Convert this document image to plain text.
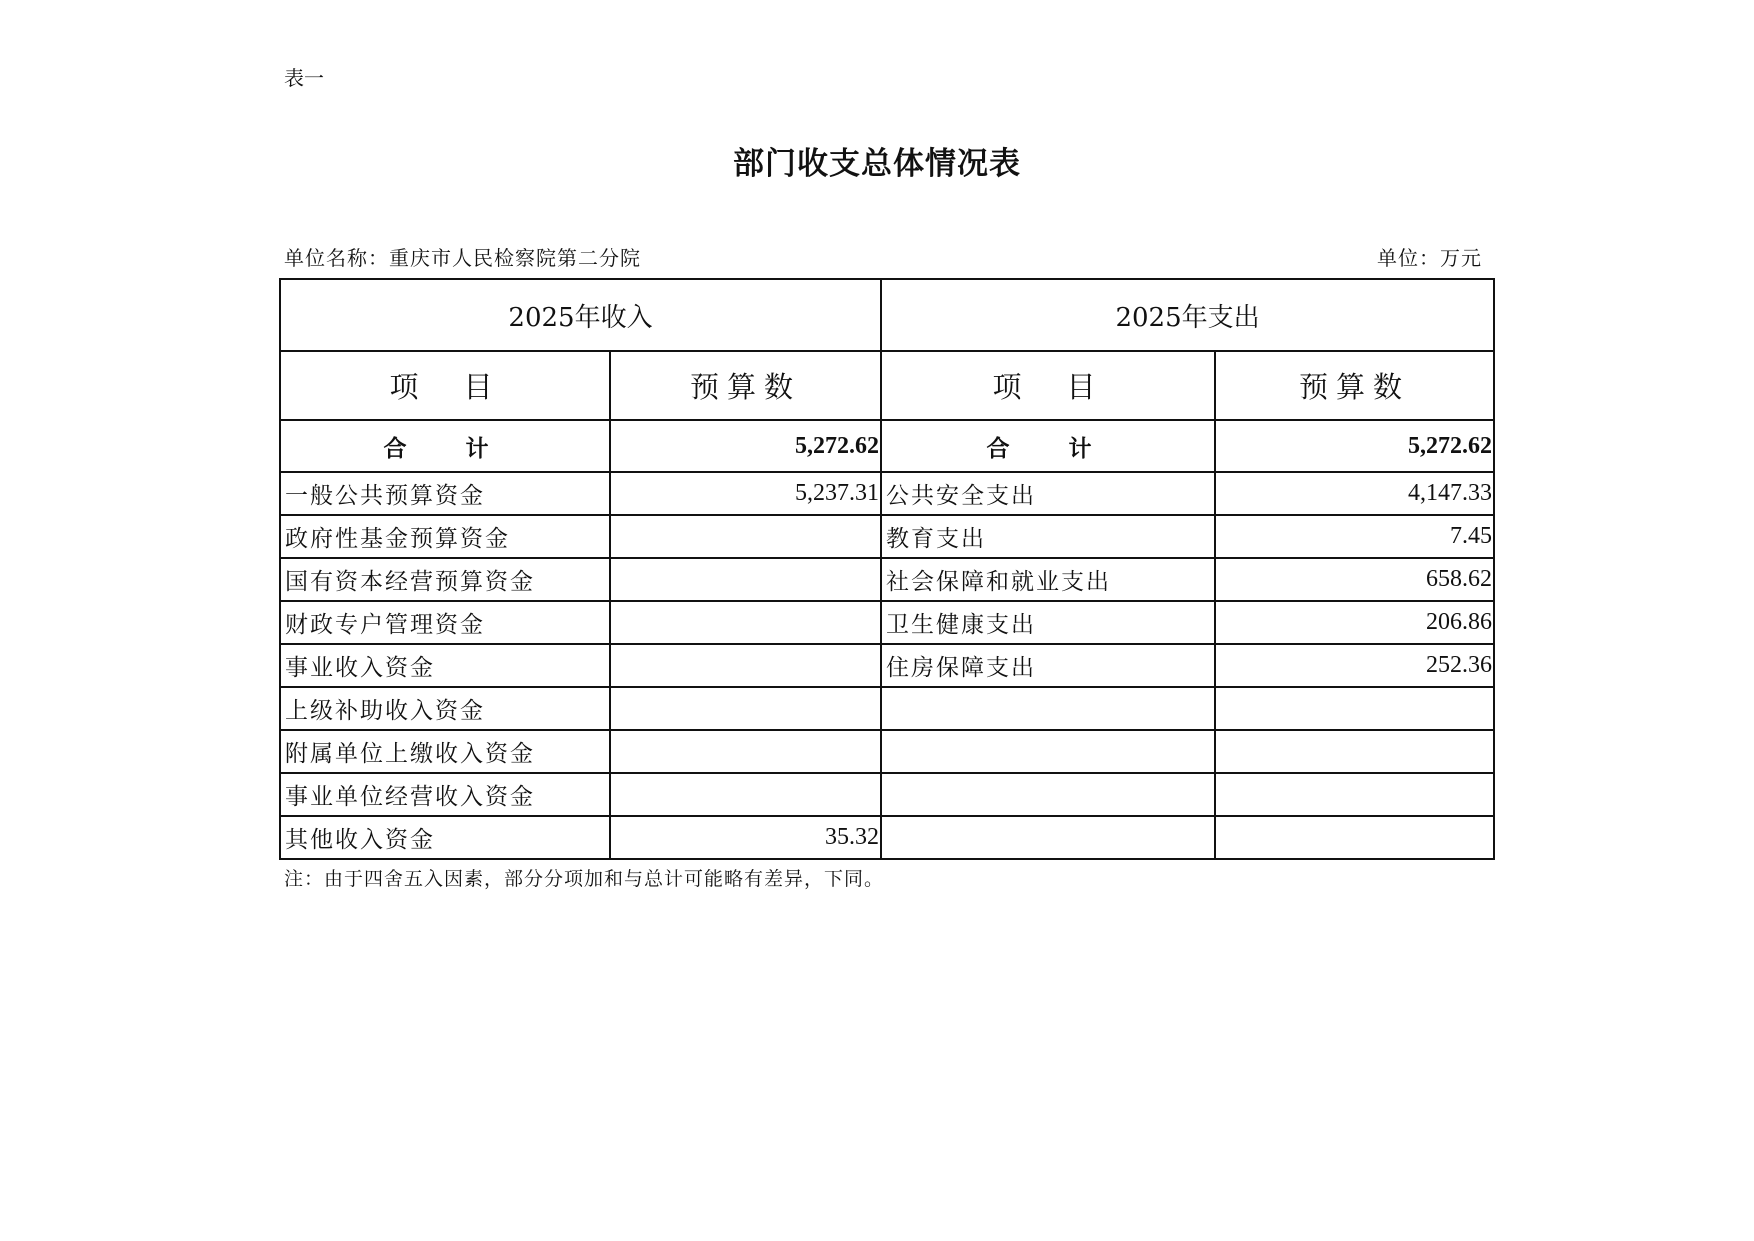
表一
部门收支总体情况表
单位名称：重庆市人民检察院第二分院	单位：万元
2025年收入		2025年支出	
项　目	预算数	项　目	预算数
合　计	5,272.62	合　计	5,272.62
一般公共预算资金	5,237.31	公共安全支出	4,147.33
政府性基金预算资金		教育支出	7.45
国有资本经营预算资金		社会保障和就业支出	658.62
财政专户管理资金		卫生健康支出	206.86
事业收入资金		住房保障支出	252.36
上级补助收入资金			
附属单位上缴收入资金			
事业单位经营收入资金			
其他收入资金	35.32		
注：由于四舍五入因素，部分分项加和与总计可能略有差异，下同。
